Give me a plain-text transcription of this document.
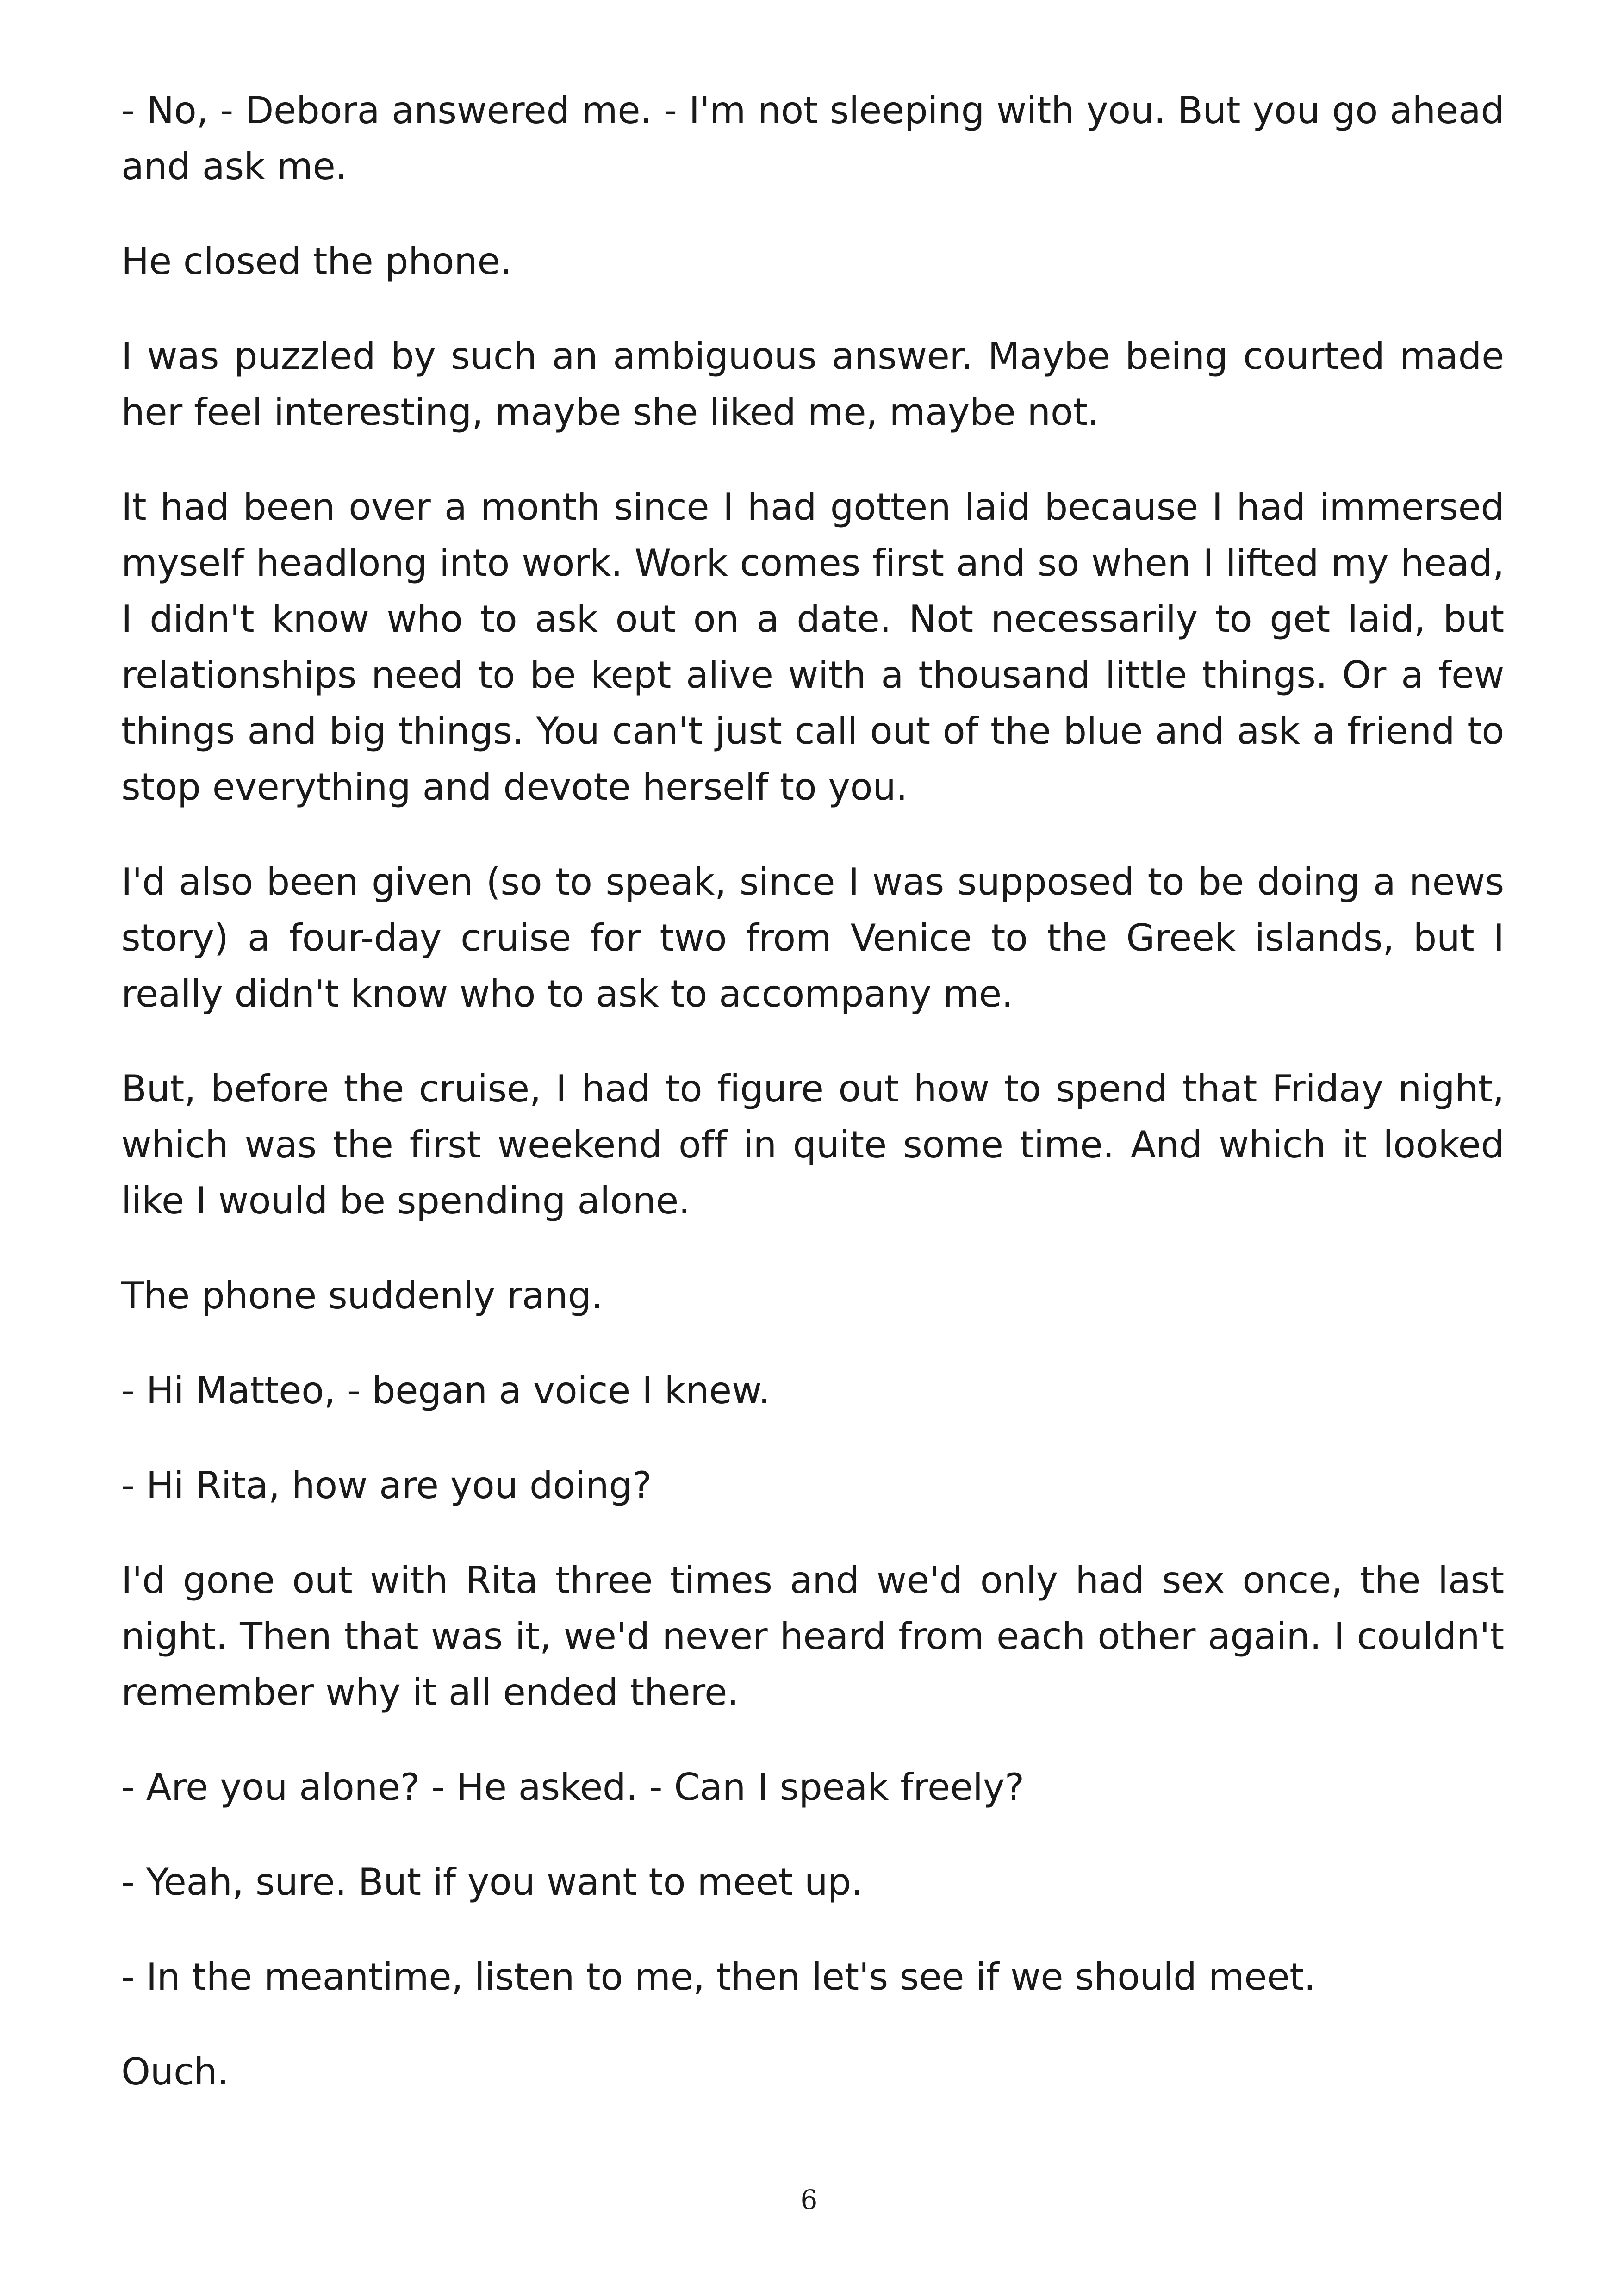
- No, - Debora answered me. - I'm not sleeping with you. But you go ahead and ask me.

He closed the phone.

I was puzzled by such an ambiguous answer. Maybe being courted made her feel interesting, maybe she liked me, maybe not.

It had been over a month since I had gotten laid because I had immersed myself headlong into work. Work comes first and so when I lifted my head, I didn't know who to ask out on a date. Not necessarily to get laid, but relationships need to be kept alive with a thousand little things. Or a few things and big things. You can't just call out of the blue and ask a friend to stop everything and devote herself to you.

I'd also been given (so to speak, since I was supposed to be doing a news story) a four-day cruise for two from Venice to the Greek islands, but I really didn't know who to ask to accompany me.

But, before the cruise, I had to figure out how to spend that Friday night, which was the first weekend off in quite some time. And which it looked like I would be spending alone.

The phone suddenly rang.

- Hi Matteo, - began a voice I knew.

- Hi Rita, how are you doing?

I'd gone out with Rita three times and we'd only had sex once, the last night. Then that was it, we'd never heard from each other again. I couldn't remember why it all ended there.

- Are you alone? - He asked. - Can I speak freely?

- Yeah, sure. But if you want to meet up.

- In the meantime, listen to me, then let's see if we should meet.

Ouch.

6
